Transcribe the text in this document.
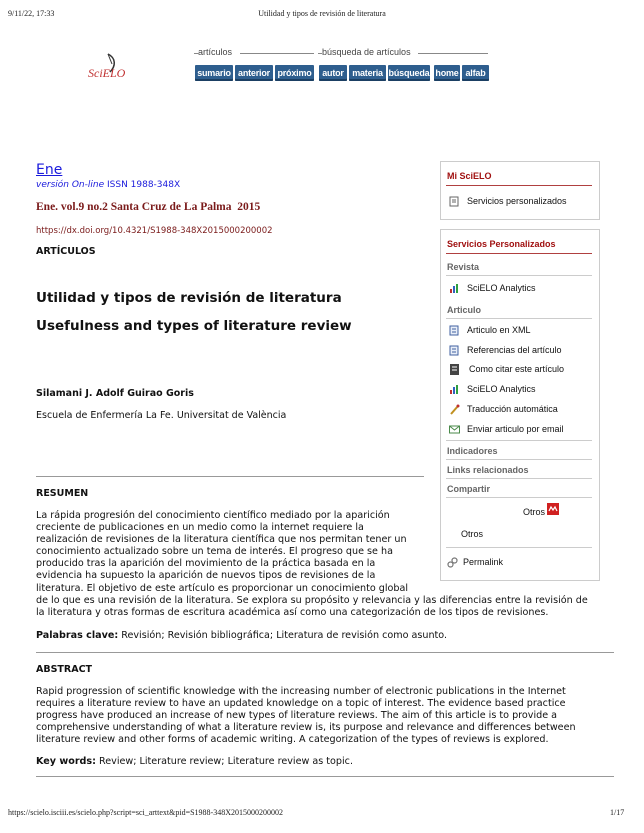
9/11/22, 17:33	Utilidad y tipos de revisión de literatura
SciELO
artículos	búsqueda de artículos
sumario anterior próximo	autor materia búsqueda home alfab
Ene
versión On-line ISSN 1988-348X
Ene. vol.9 no.2 Santa Cruz de La Palma  2015
https://dx.doi.org/10.4321/S1988-348X2015000200002
ARTÍCULOS
Utilidad y tipos de revisión de literatura
Usefulness and types of literature review
Silamani J. Adolf Guirao Goris
Escuela de Enfermería La Fe. Universitat de València
RESUMEN
La rápida progresión del conocimiento científico mediado por la aparición
creciente de publicaciones en un medio como la internet requiere la
realización de revisiones de la literatura científica que nos permitan tener un
conocimiento actualizado sobre un tema de interés. El progreso que se ha
producido tras la aparición del movimiento de la práctica basada en la
evidencia ha supuesto la aparición de nuevos tipos de revisiones de la
literatura. El objetivo de este artículo es proporcionar un conocimiento global
de lo que es una revisión de la literatura. Se explora su propósito y relevancia y las diferencias entre la revisión de
la literatura y otras formas de escritura académica así como una categorización de los tipos de revisiones.
Palabras clave: Revisión; Revisión bibliográfica; Literatura de revisión como asunto.
ABSTRACT
Rapid progression of scientific knowledge with the increasing number of electronic publications in the Internet
requires a literature review to have an updated knowledge on a topic of interest. The evidence based practice
progress have produced an increase of new types of literature reviews. The aim of this article is to provide a
comprehensive understanding of what a literature review is, its purpose and relevance and differences between
literature review and other forms of academic writing. A categorization of the types of reviews is explored.
Key words: Review; Literature review; Literature review as topic.
Mi SciELO
Servicios personalizados
Servicios Personalizados
Revista
SciELO Analytics
Articulo
Articulo en XML
Referencias del artículo
Como citar este artículo
SciELO Analytics
Traducción automática
Enviar articulo por email
Indicadores
Links relacionados
Compartir
Otros
Otros
Permalink
https://scielo.isciii.es/scielo.php?script=sci_arttext&pid=S1988-348X2015000200002	1/17
